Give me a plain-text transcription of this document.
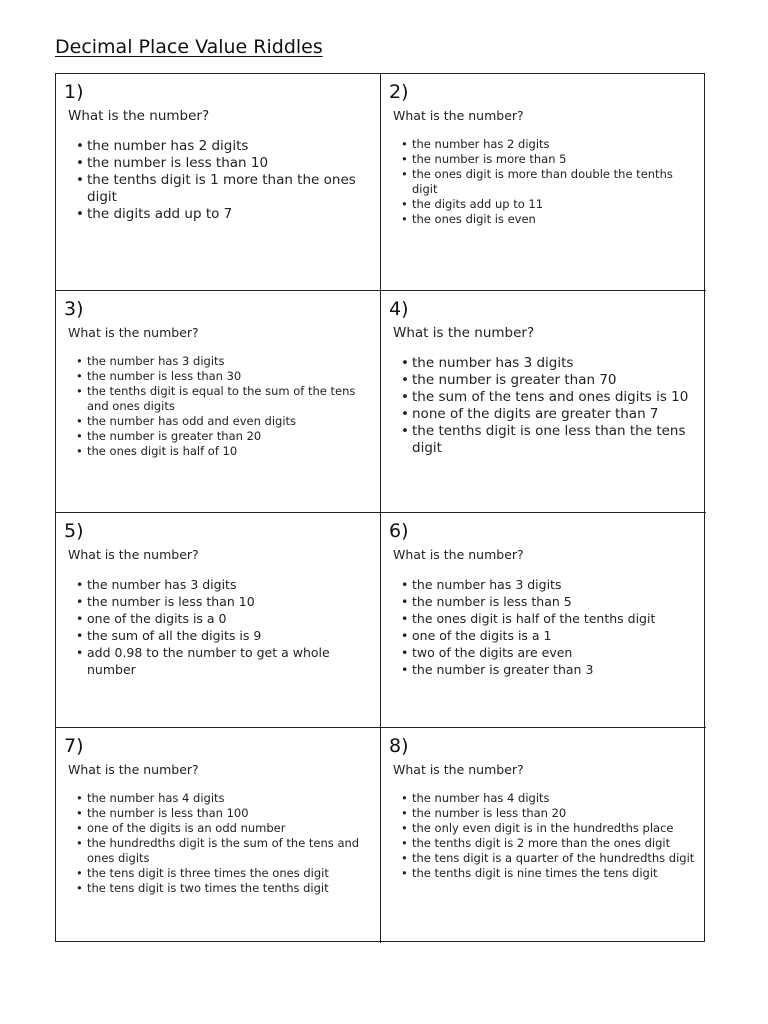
Decimal Place Value Riddles
1)
What is the number?
• the number has 2 digits
• the number is less than 10
• the tenths digit is 1 more than the ones digit
• the digits add up to 7
2)
What is the number?
• the number has 2 digits
• the number is more than 5
• the ones digit is more than double the tenths digit
• the digits add up to 11
• the ones digit is even
3)
What is the number?
• the number has 3 digits
• the number is less than 30
• the tenths digit is equal to the sum of the tens and ones digits
• the number has odd and even digits
• the number is greater than 20
• the ones digit is half of 10
4)
What is the number?
• the number has 3 digits
• the number is greater than 70
• the sum of the tens and ones digits is 10
• none of the digits are greater than 7
• the tenths digit is one less than the tens digit
5)
What is the number?
• the number has 3 digits
• the number is less than 10
• one of the digits is a 0
• the sum of all the digits is 9
• add 0.98 to the number to get a whole number
6)
What is the number?
• the number has 3 digits
• the number is less than 5
• the ones digit is half of the tenths digit
• one of the digits is a 1
• two of the digits are even
• the number is greater than 3
7)
What is the number?
• the number has 4 digits
• the number is less than 100
• one of the digits is an odd number
• the hundredths digit is the sum of the tens and ones digits
• the tens digit is three times the ones digit
• the tens digit is two times the tenths digit
8)
What is the number?
• the number has 4 digits
• the number is less than 20
• the only even digit is in the hundredths place
• the tenths digit is 2 more than the ones digit
• the tens digit is a quarter of the hundredths digit
• the tenths digit is nine times the tens digit
